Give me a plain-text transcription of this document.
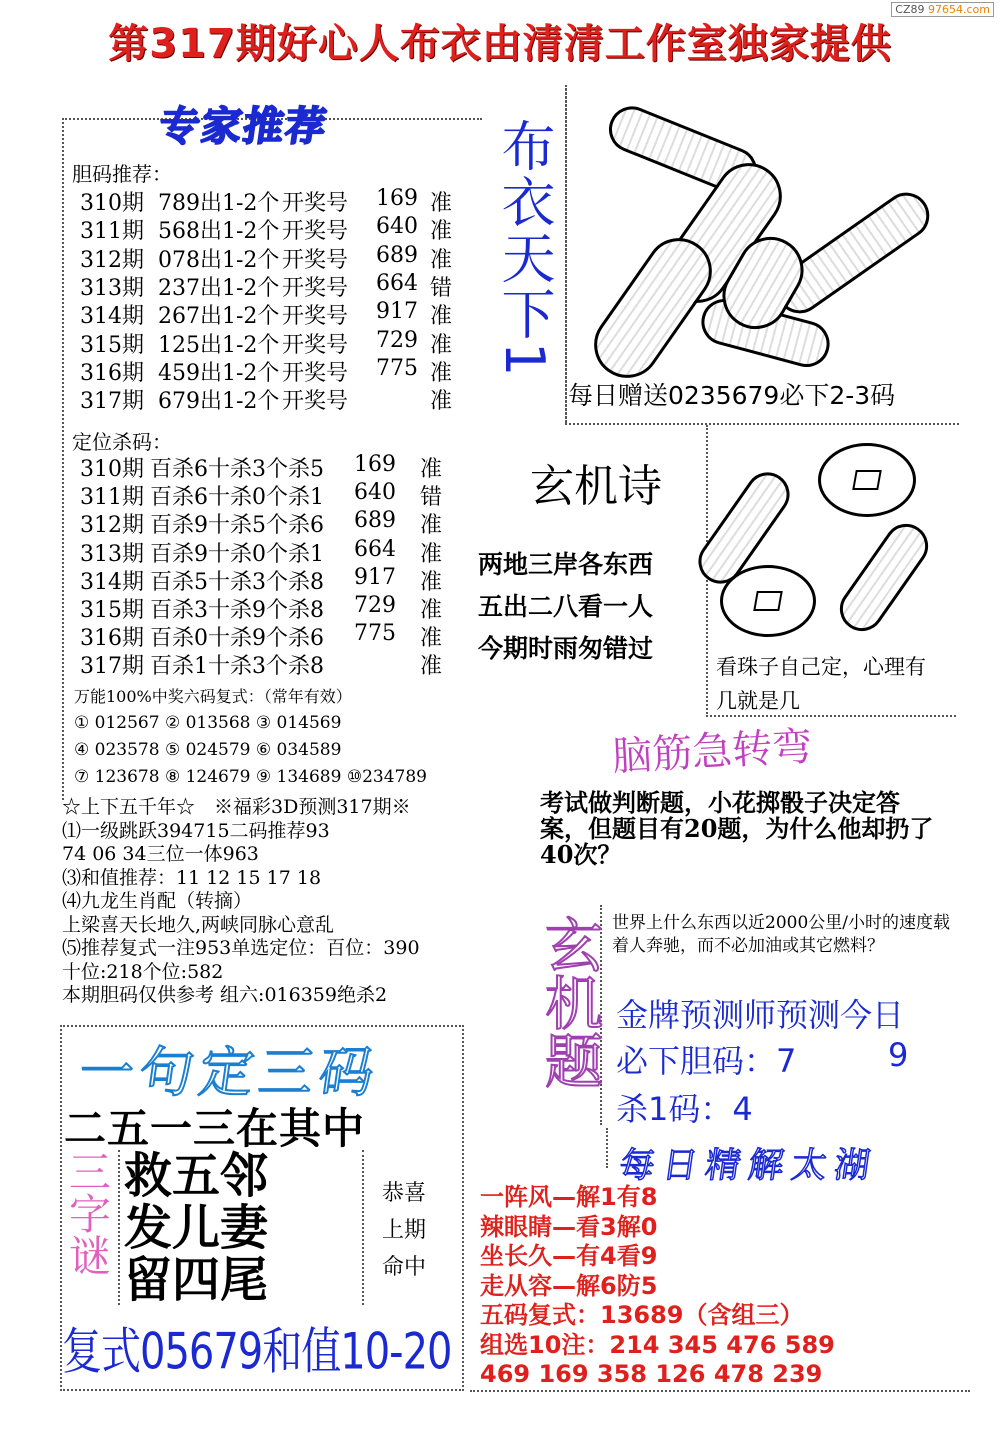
第317期好心人布衣由清清工作室独家提供
CZ89 97654.com
专家推荐
胆码推荐：
310期 789出1-2个 开奖号 169 准
311期 568出1-2个 开奖号 640 准
312期 078出1-2个 开奖号 689 准
313期 237出1-2个 开奖号 664 错
314期 267出1-2个 开奖号 917 准
315期 125出1-2个 开奖号 729 准
316期 459出1-2个 开奖号 775 准
317期 679出1-2个 开奖号	准
定位杀码：
310期 百杀6十杀3个杀5 169 准
311期 百杀6十杀0个杀1 640 错
312期 百杀9十杀5个杀6 689 准
313期 百杀9十杀0个杀1 664 准
314期 百杀5十杀3个杀8 917 准
315期 百杀3十杀9个杀8 729 准
316期 百杀0十杀9个杀6 775 准
317期 百杀1十杀3个杀8	准
万能100%中奖六码复式：（常年有效）
① 012567 ② 013568 ③ 014569
④ 023578 ⑤ 024579 ⑥ 034589
⑦ 123678 ⑧ 124679 ⑨ 134689 ⑩234789
☆上下五千年☆　※福彩3D预测317期※
⑴一级跳跃394715二码推荐93
74 06 34三位一体963
⑶和值推荐：11 12 15 17 18
⑷九龙生肖配（转摘）
上梁喜天长地久,两峡同脉心意乱
⑸推荐复式一注953单选定位：百位：390
十位:218个位:582
本期胆码仅供参考 组六:016359绝杀2
布衣天下1
每日赠送0235679必下2-3码
玄机诗
两地三岸各东西
五出二八看一人
今期时雨匆错过
看珠子自己定，心理有几就是几
脑筋急转弯
考试做判断题，小花掷骰子决定答案，但题目有20题，为什么他却扔了40次？
玄机题 世界上什么东西以近2000公里/小时的速度载着人奔驰，而不必加油或其它燃料？
金牌预测师预测今日
必下胆码：7	9
杀1码：4
一句定三码
二五一三在其中
三字谜 救五邻
发儿妻
留四尾
恭喜
上期
命中
复式05679和值10-20
每日精解太湖
一阵风—解1有8
辣眼睛—看3解0
坐长久—有4看9
走从容—解6防5
五码复式：13689（含组三）
组选10注：214 345 476 589
469 169 358 126 478 239
